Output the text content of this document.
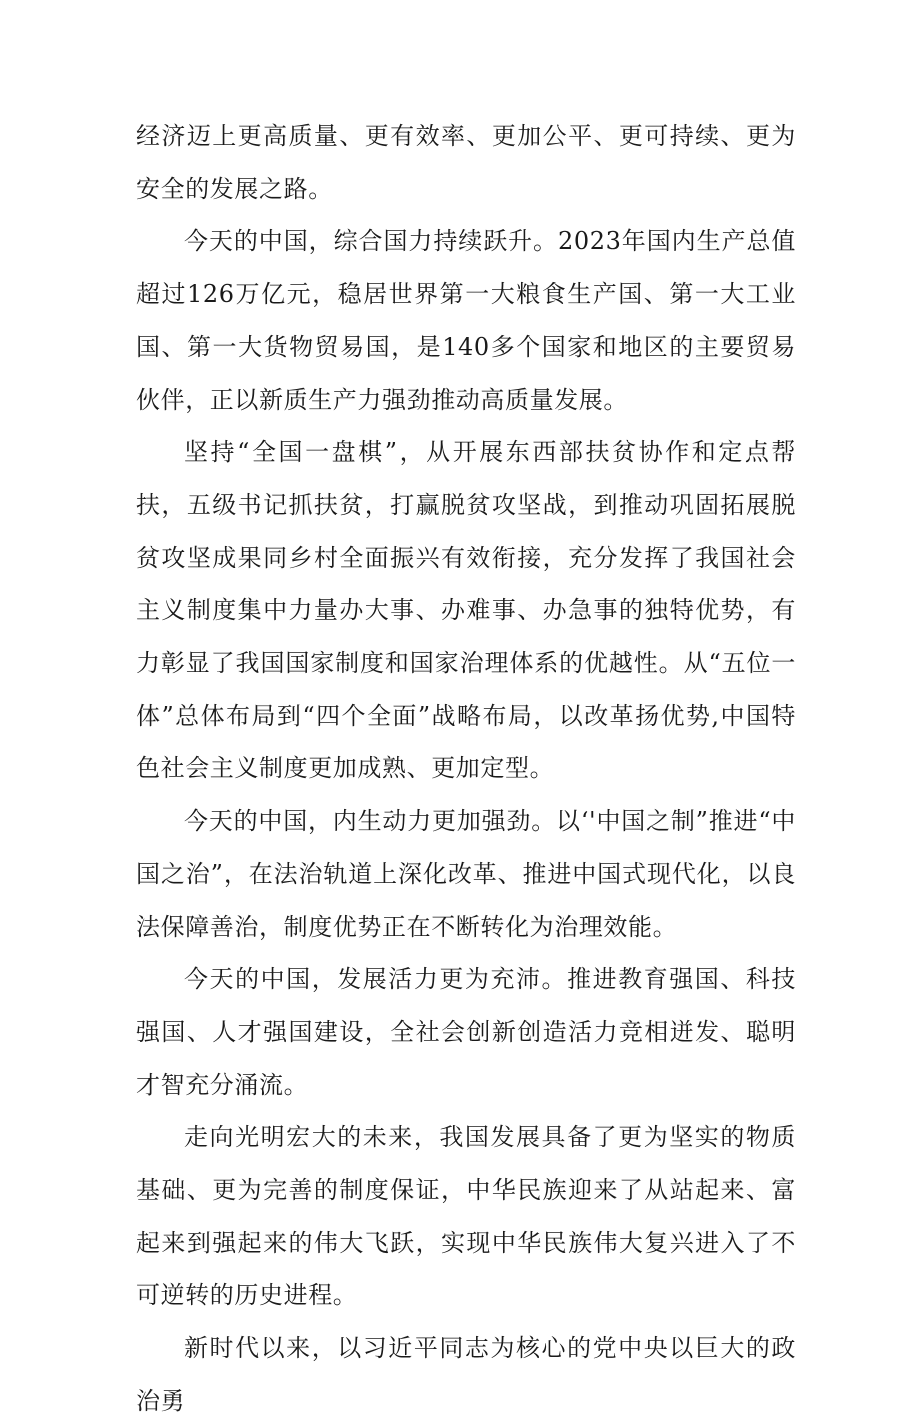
经济迈上更高质量、更有效率、更加公平、更可持续、更为安全的发展之路。

今天的中国，综合国力持续跃升。2023年国内生产总值超过126万亿元，稳居世界第一大粮食生产国、第一大工业国、第一大货物贸易国，是140多个国家和地区的主要贸易伙伴，正以新质生产力强劲推动高质量发展。

坚持“全国一盘棋”，从开展东西部扶贫协作和定点帮扶，五级书记抓扶贫，打赢脱贫攻坚战，到推动巩固拓展脱贫攻坚成果同乡村全面振兴有效衔接，充分发挥了我国社会主义制度集中力量办大事、办难事、办急事的独特优势，有力彰显了我国国家制度和国家治理体系的优越性。从“五位一体”总体布局到“四个全面”战略布局，以改革扬优势,中国特色社会主义制度更加成熟、更加定型。

今天的中国，内生动力更加强劲。以‘'中国之制”推进“中国之治”，在法治轨道上深化改革、推进中国式现代化，以良法保障善治，制度优势正在不断转化为治理效能。

今天的中国，发展活力更为充沛。推进教育强国、科技强国、人才强国建设，全社会创新创造活力竞相迸发、聪明才智充分涌流。

走向光明宏大的未来，我国发展具备了更为坚实的物质基础、更为完善的制度保证，中华民族迎来了从站起来、富起来到强起来的伟大飞跃，实现中华民族伟大复兴进入了不可逆转的历史进程。

新时代以来，以习近平同志为核心的党中央以巨大的政治勇
